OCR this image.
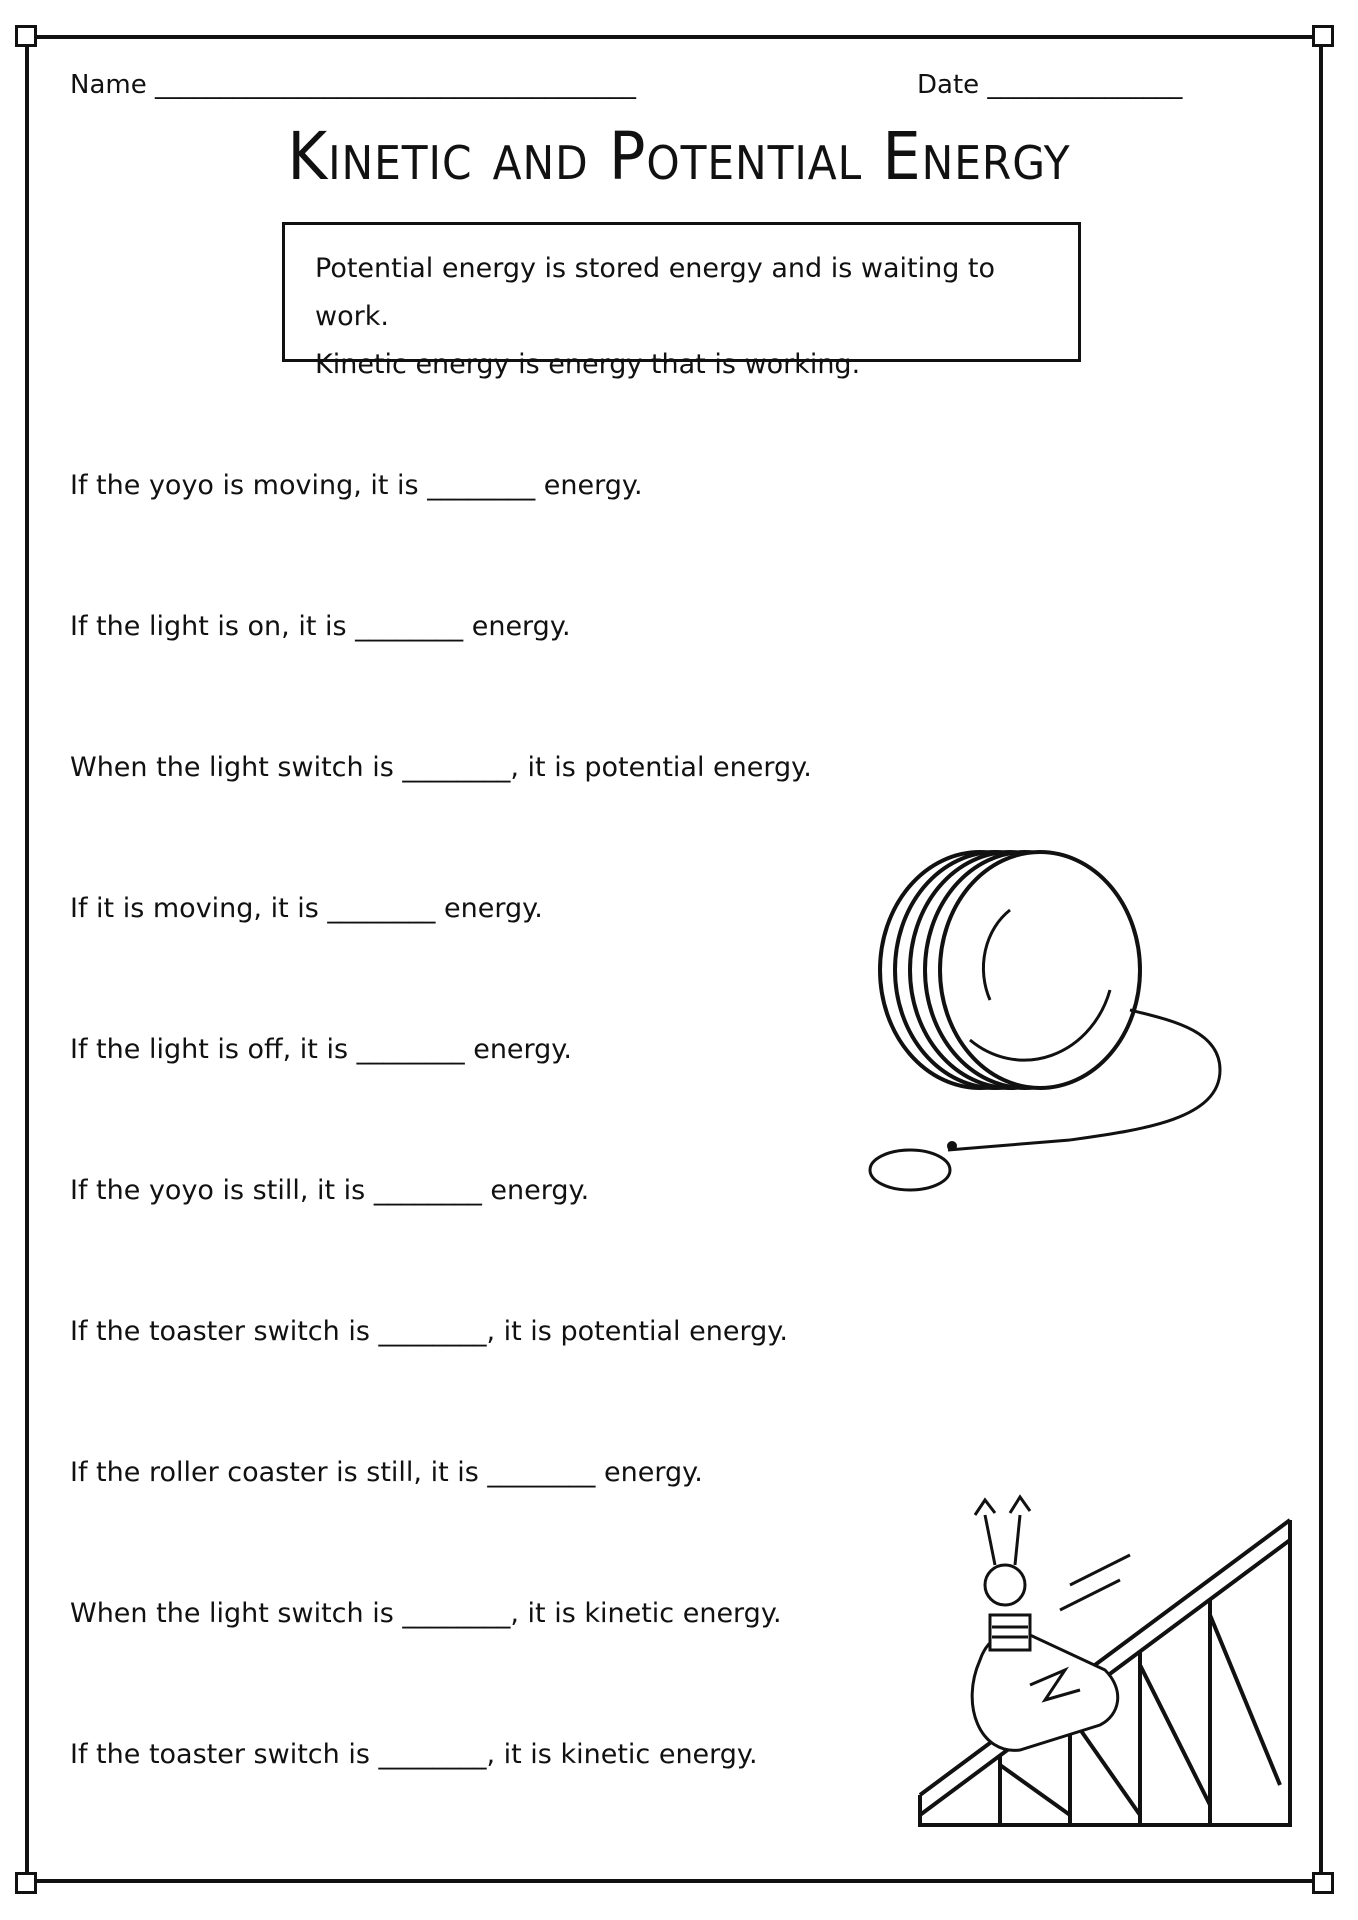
Name _____________________________________	Date _______________
Kinetic and Potential Energy
Potential energy is stored energy and is waiting to work.
Kinetic energy is energy that is working.
If the yoyo is moving, it is ________ energy.
If the light is on, it is ________ energy.
When the light switch is ________, it is potential energy.
If it is moving, it is ________ energy.
If the light is off, it is ________ energy.
If the yoyo is still, it is ________ energy.
If the toaster switch is ________, it is potential energy.
If the roller coaster is still, it is ________ energy.
When the light switch is ________, it is kinetic energy.
If the toaster switch is ________, it is kinetic energy.
